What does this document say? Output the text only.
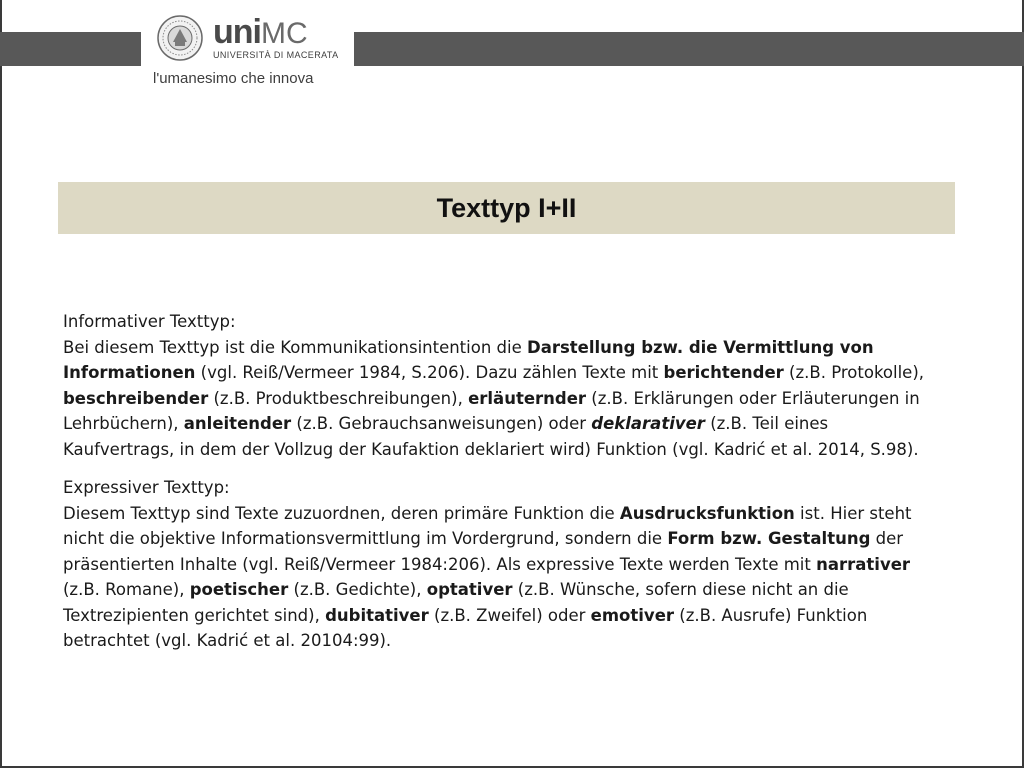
uniMC
UNIVERSITÀ DI MACERATA
l'umanesimo che innova
Texttyp I+II

Informativer Texttyp:

Bei diesem Texttyp ist die Kommunikationsintention die Darstellung bzw. die Vermittlung von Informationen (vgl. Reiß/Vermeer 1984, S.206). Dazu zählen Texte mit berichtender (z.B. Protokolle), beschreibender (z.B. Produktbeschreibungen), erläuternder (z.B. Erklärungen oder Erläuterungen in Lehrbüchern), anleitender (z.B. Gebrauchsanweisungen) oder deklarativer (z.B. Teil eines Kaufvertrags, in dem der Vollzug der Kaufaktion deklariert wird) Funktion (vgl. Kadrić et al. 2014, S.98).

Expressiver Texttyp:

Diesem Texttyp sind Texte zuzuordnen, deren primäre Funktion die Ausdrucksfunktion ist. Hier steht nicht die objektive Informationsvermittlung im Vordergrund, sondern die Form bzw. Gestaltung der präsentierten Inhalte (vgl. Reiß/Vermeer 1984:206). Als expressive Texte werden Texte mit narrativer (z.B. Romane), poetischer (z.B. Gedichte), optativer (z.B. Wünsche, sofern diese nicht an die Textrezipienten gerichtet sind), dubitativer (z.B. Zweifel) oder emotiver (z.B. Ausrufe) Funktion betrachtet (vgl. Kadrić et al. 20104:99).
